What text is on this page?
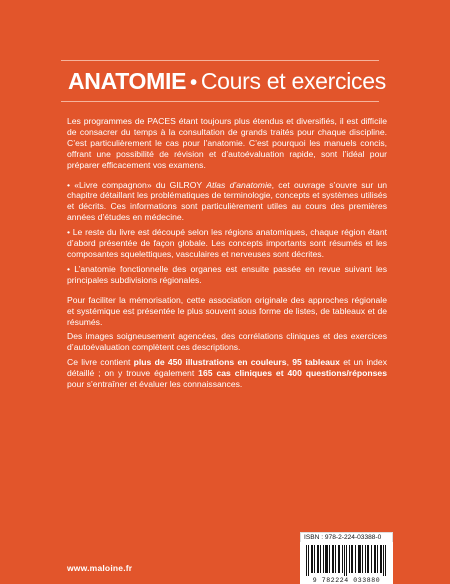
ANATOMIE • Cours et exercices

Les programmes de PACES étant toujours plus étendus et diversifiés, il est difficile de consacrer du temps à la consultation de grands traités pour chaque discipline. C’est particulièrement le cas pour l’anatomie. C’est pourquoi les manuels concis, offrant une possibilité de révision et d’autoévaluation rapide, sont l’idéal pour préparer efficacement vos examens.

• «Livre compagnon» du GILROY Atlas d’anatomie, cet ouvrage s’ouvre sur un chapitre détaillant les problématiques de terminologie, concepts et systèmes utilisés et décrits. Ces informations sont particulièrement utiles au cours des premières années d’études en médecine.

• Le reste du livre est découpé selon les régions anatomiques, chaque région étant d’abord présentée de façon globale. Les concepts importants sont résumés et les composantes squelettiques, vasculaires et nerveuses sont décrites.

• L’anatomie fonctionnelle des organes est ensuite passée en revue suivant les principales subdivisions régionales.

Pour faciliter la mémorisation, cette association originale des approches régionale et systémique est présentée le plus souvent sous forme de listes, de tableaux et de résumés.

Des images soigneusement agencées, des corrélations cliniques et des exercices d’autoévaluation complètent ces descriptions.

Ce livre contient plus de 450 illustrations en couleurs, 95 tableaux et un index détaillé ; on y trouve également 165 cas cliniques et 400 questions/réponses pour s’entraîner et évaluer les connaissances.

www.maloine.fr
ISBN : 978-2-224-03388-0
9 782224 033880
